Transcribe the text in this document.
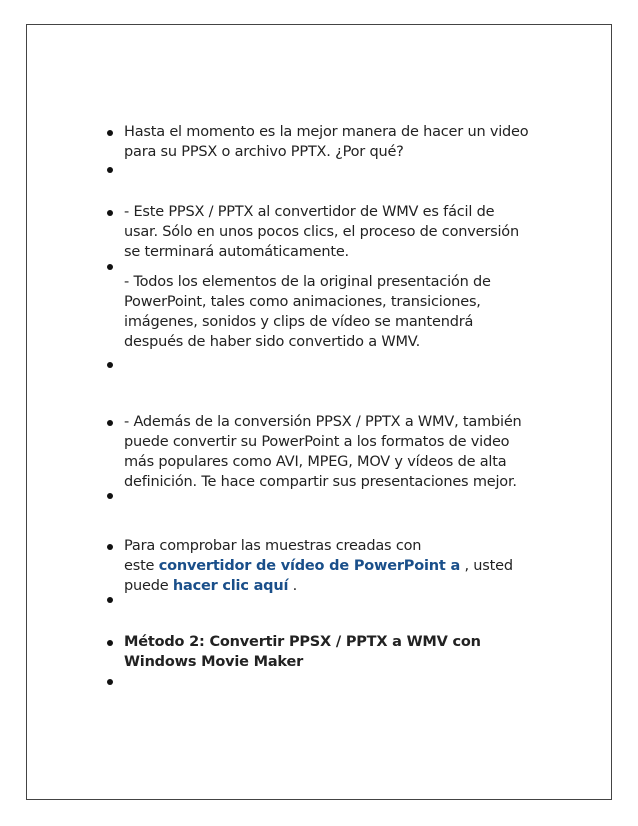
Hasta el momento es la mejor manera de hacer un video
para su PPSX o archivo PPTX. ¿Por qué?
- Este PPSX / PPTX al convertidor de WMV es fácil de
usar. Sólo en unos pocos clics, el proceso de conversión
se terminará automáticamente.
- Todos los elementos de la original presentación de
PowerPoint, tales como animaciones, transiciones,
imágenes, sonidos y clips de vídeo se mantendrá
después de haber sido convertido a WMV.
- Además de la conversión PPSX / PPTX a WMV, también
puede convertir su PowerPoint a los formatos de video
más populares como AVI, MPEG, MOV y vídeos de alta
definición. Te hace compartir sus presentaciones mejor.
Para comprobar las muestras creadas con
este convertidor de vídeo de PowerPoint a , usted
puede hacer clic aquí .
Método 2: Convertir PPSX / PPTX a WMV con
Windows Movie Maker
